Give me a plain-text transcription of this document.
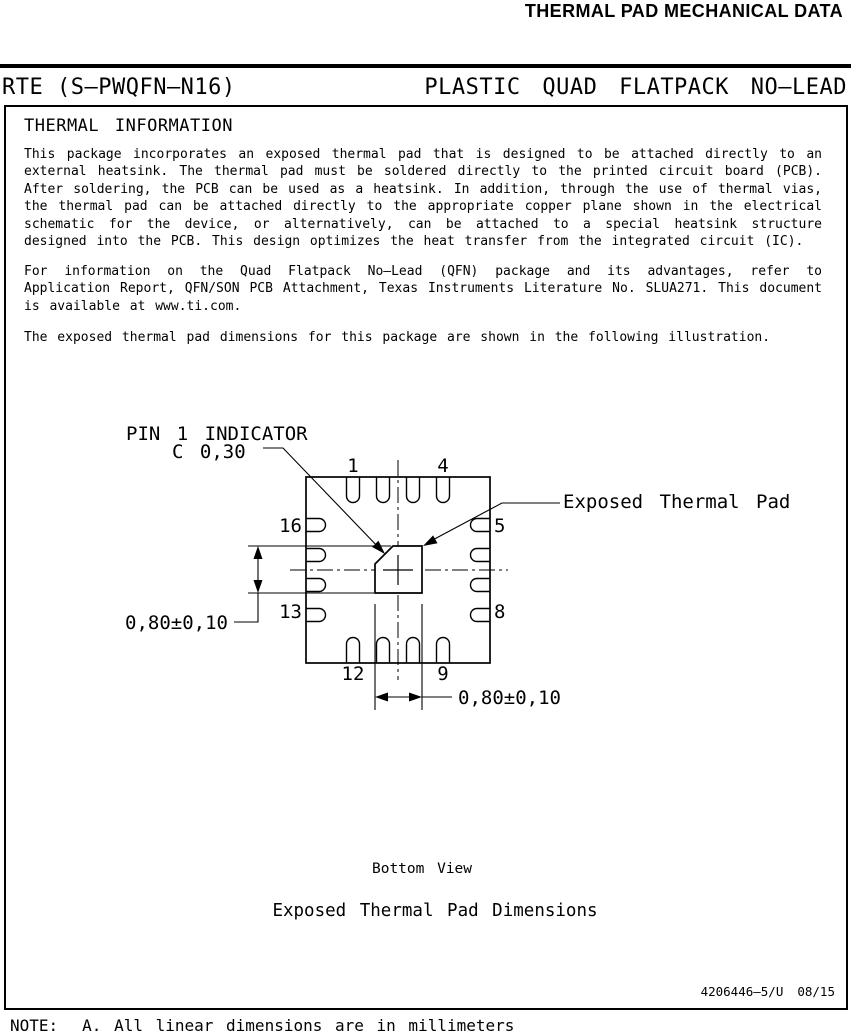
THERMAL PAD MECHANICAL DATA
RTE (S–PWQFN–N16)	PLASTIC QUAD FLATPACK NO–LEAD
THERMAL INFORMATION
This package incorporates an exposed thermal pad that is designed to be attached directly to an external heatsink. The thermal pad must be soldered directly to the printed circuit board (PCB). After soldering, the PCB can be used as a heatsink. In addition, through the use of thermal vias, the thermal pad can be attached directly to the appropriate copper plane shown in the electrical schematic for the device, or alternatively, can be attached to a special heatsink structure designed into the PCB. This design optimizes the heat transfer from the integrated circuit (IC).
For information on the Quad Flatpack No–Lead (QFN) package and its advantages, refer to Application Report, QFN/SON PCB Attachment, Texas Instruments Literature No. SLUA271. This document is available at www.ti.com.
The exposed thermal pad dimensions for this package are shown in the following illustration.
PIN 1 INDICATOR
C 0,30
Exposed Thermal Pad
1	4
16	5
13	8
12	9
0,80±0,10
0,80±0,10
Bottom View
Exposed Thermal Pad Dimensions
4206446–5/U 08/15
NOTE: A. All linear dimensions are in millimeters
